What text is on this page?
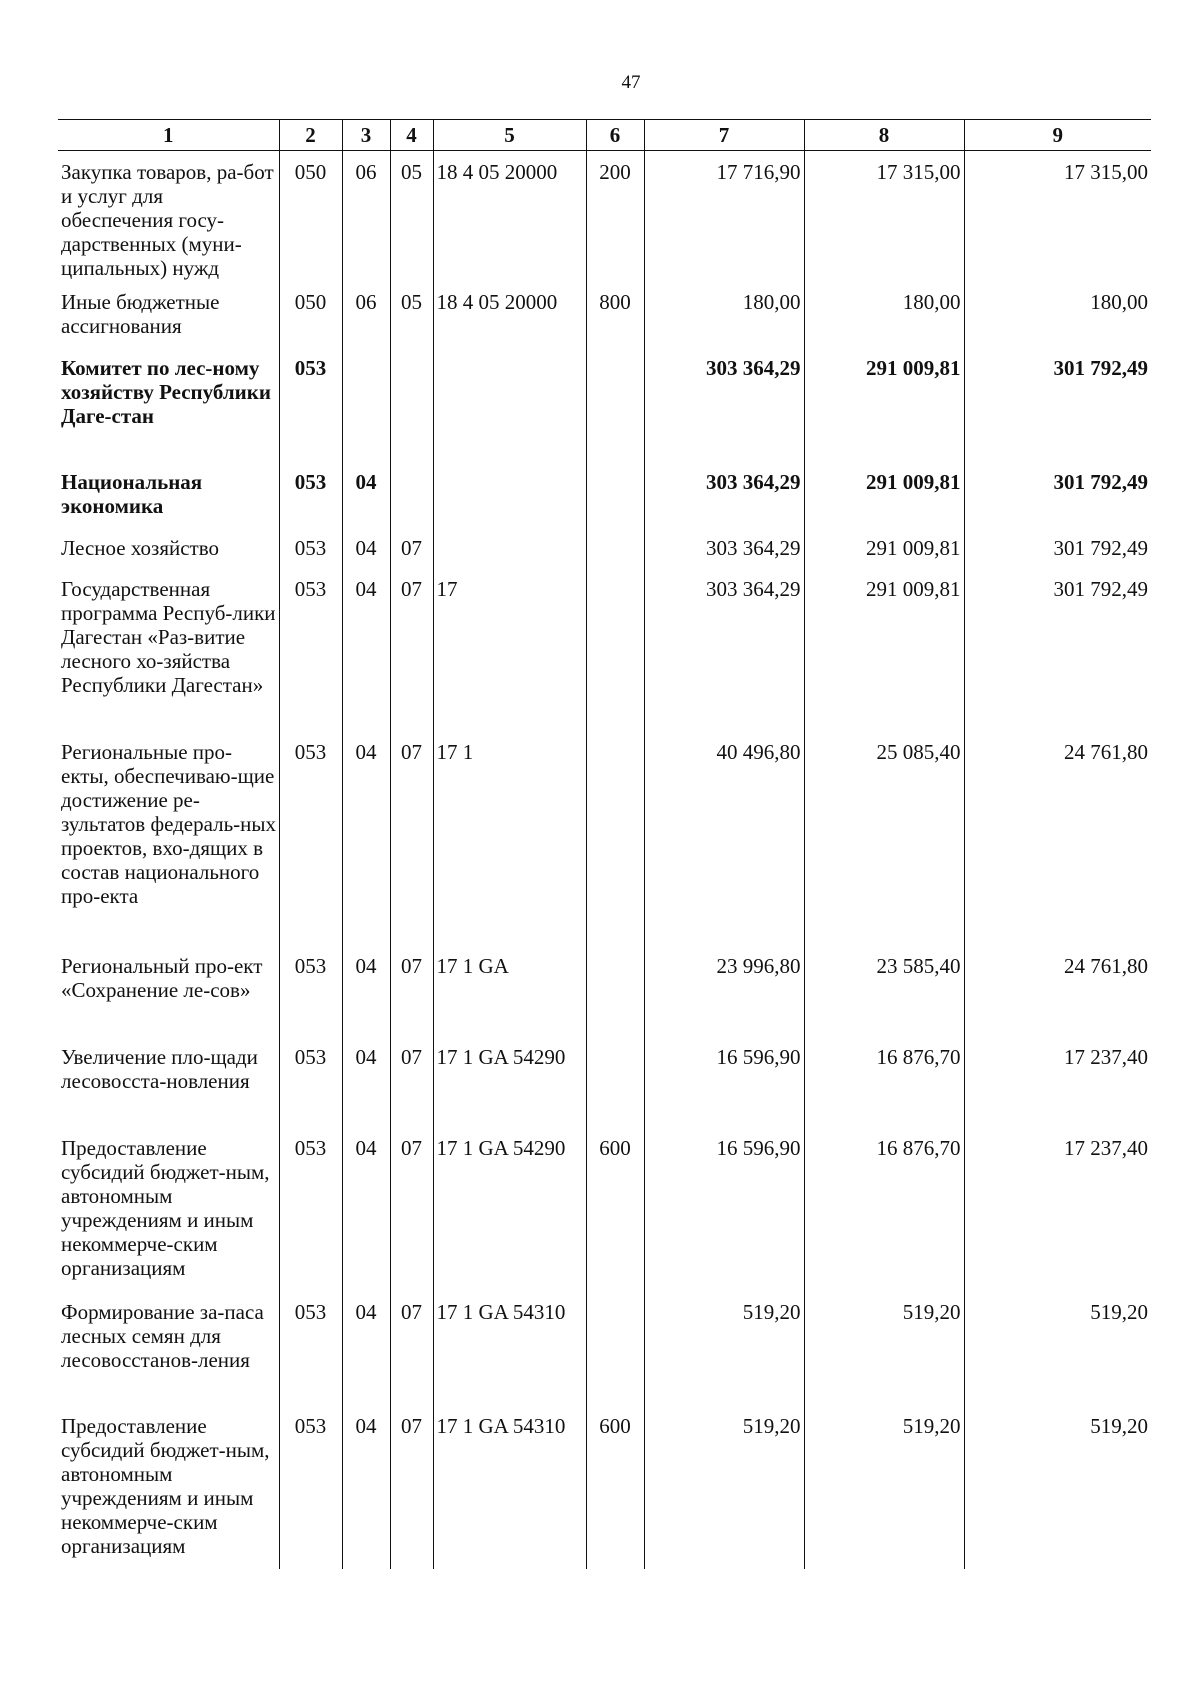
47
1	2	3	4	5	6	7	8	9
Закупка товаров, ра-бот и услуг для обеспечения госу-дарственных (муни-ципальных) нужд	050	06	05	18 4 05 20000	200	17 716,90	17 315,00	17 315,00
Иные бюджетные ассигнования	050	06	05	18 4 05 20000	800	180,00	180,00	180,00
Комитет по лес-ному хозяйству Республики Даге-стан	053					303 364,29	291 009,81	301 792,49
Национальная экономика	053	04				303 364,29	291 009,81	301 792,49
Лесное хозяйство	053	04	07			303 364,29	291 009,81	301 792,49
Государственная программа Респуб-лики Дагестан «Раз-витие лесного хо-зяйства Республики Дагестан»	053	04	07	17		303 364,29	291 009,81	301 792,49
Региональные про-екты, обеспечиваю-щие достижение ре-зультатов федераль-ных проектов, вхо-дящих в состав национального про-екта	053	04	07	17 1		40 496,80	25 085,40	24 761,80
Региональный про-ект «Сохранение ле-сов»	053	04	07	17 1 GA		23 996,80	23 585,40	24 761,80
Увеличение пло-щади лесовосста-новления	053	04	07	17 1 GA 54290		16 596,90	16 876,70	17 237,40
Предоставление субсидий бюджет-ным, автономным учреждениям и иным некоммерче-ским организациям	053	04	07	17 1 GA 54290	600	16 596,90	16 876,70	17 237,40
Формирование за-паса лесных семян для лесовосстанов-ления	053	04	07	17 1 GA 54310		519,20	519,20	519,20
Предоставление субсидий бюджет-ным, автономным учреждениям и иным некоммерче-ским организациям	053	04	07	17 1 GA 54310	600	519,20	519,20	519,20
